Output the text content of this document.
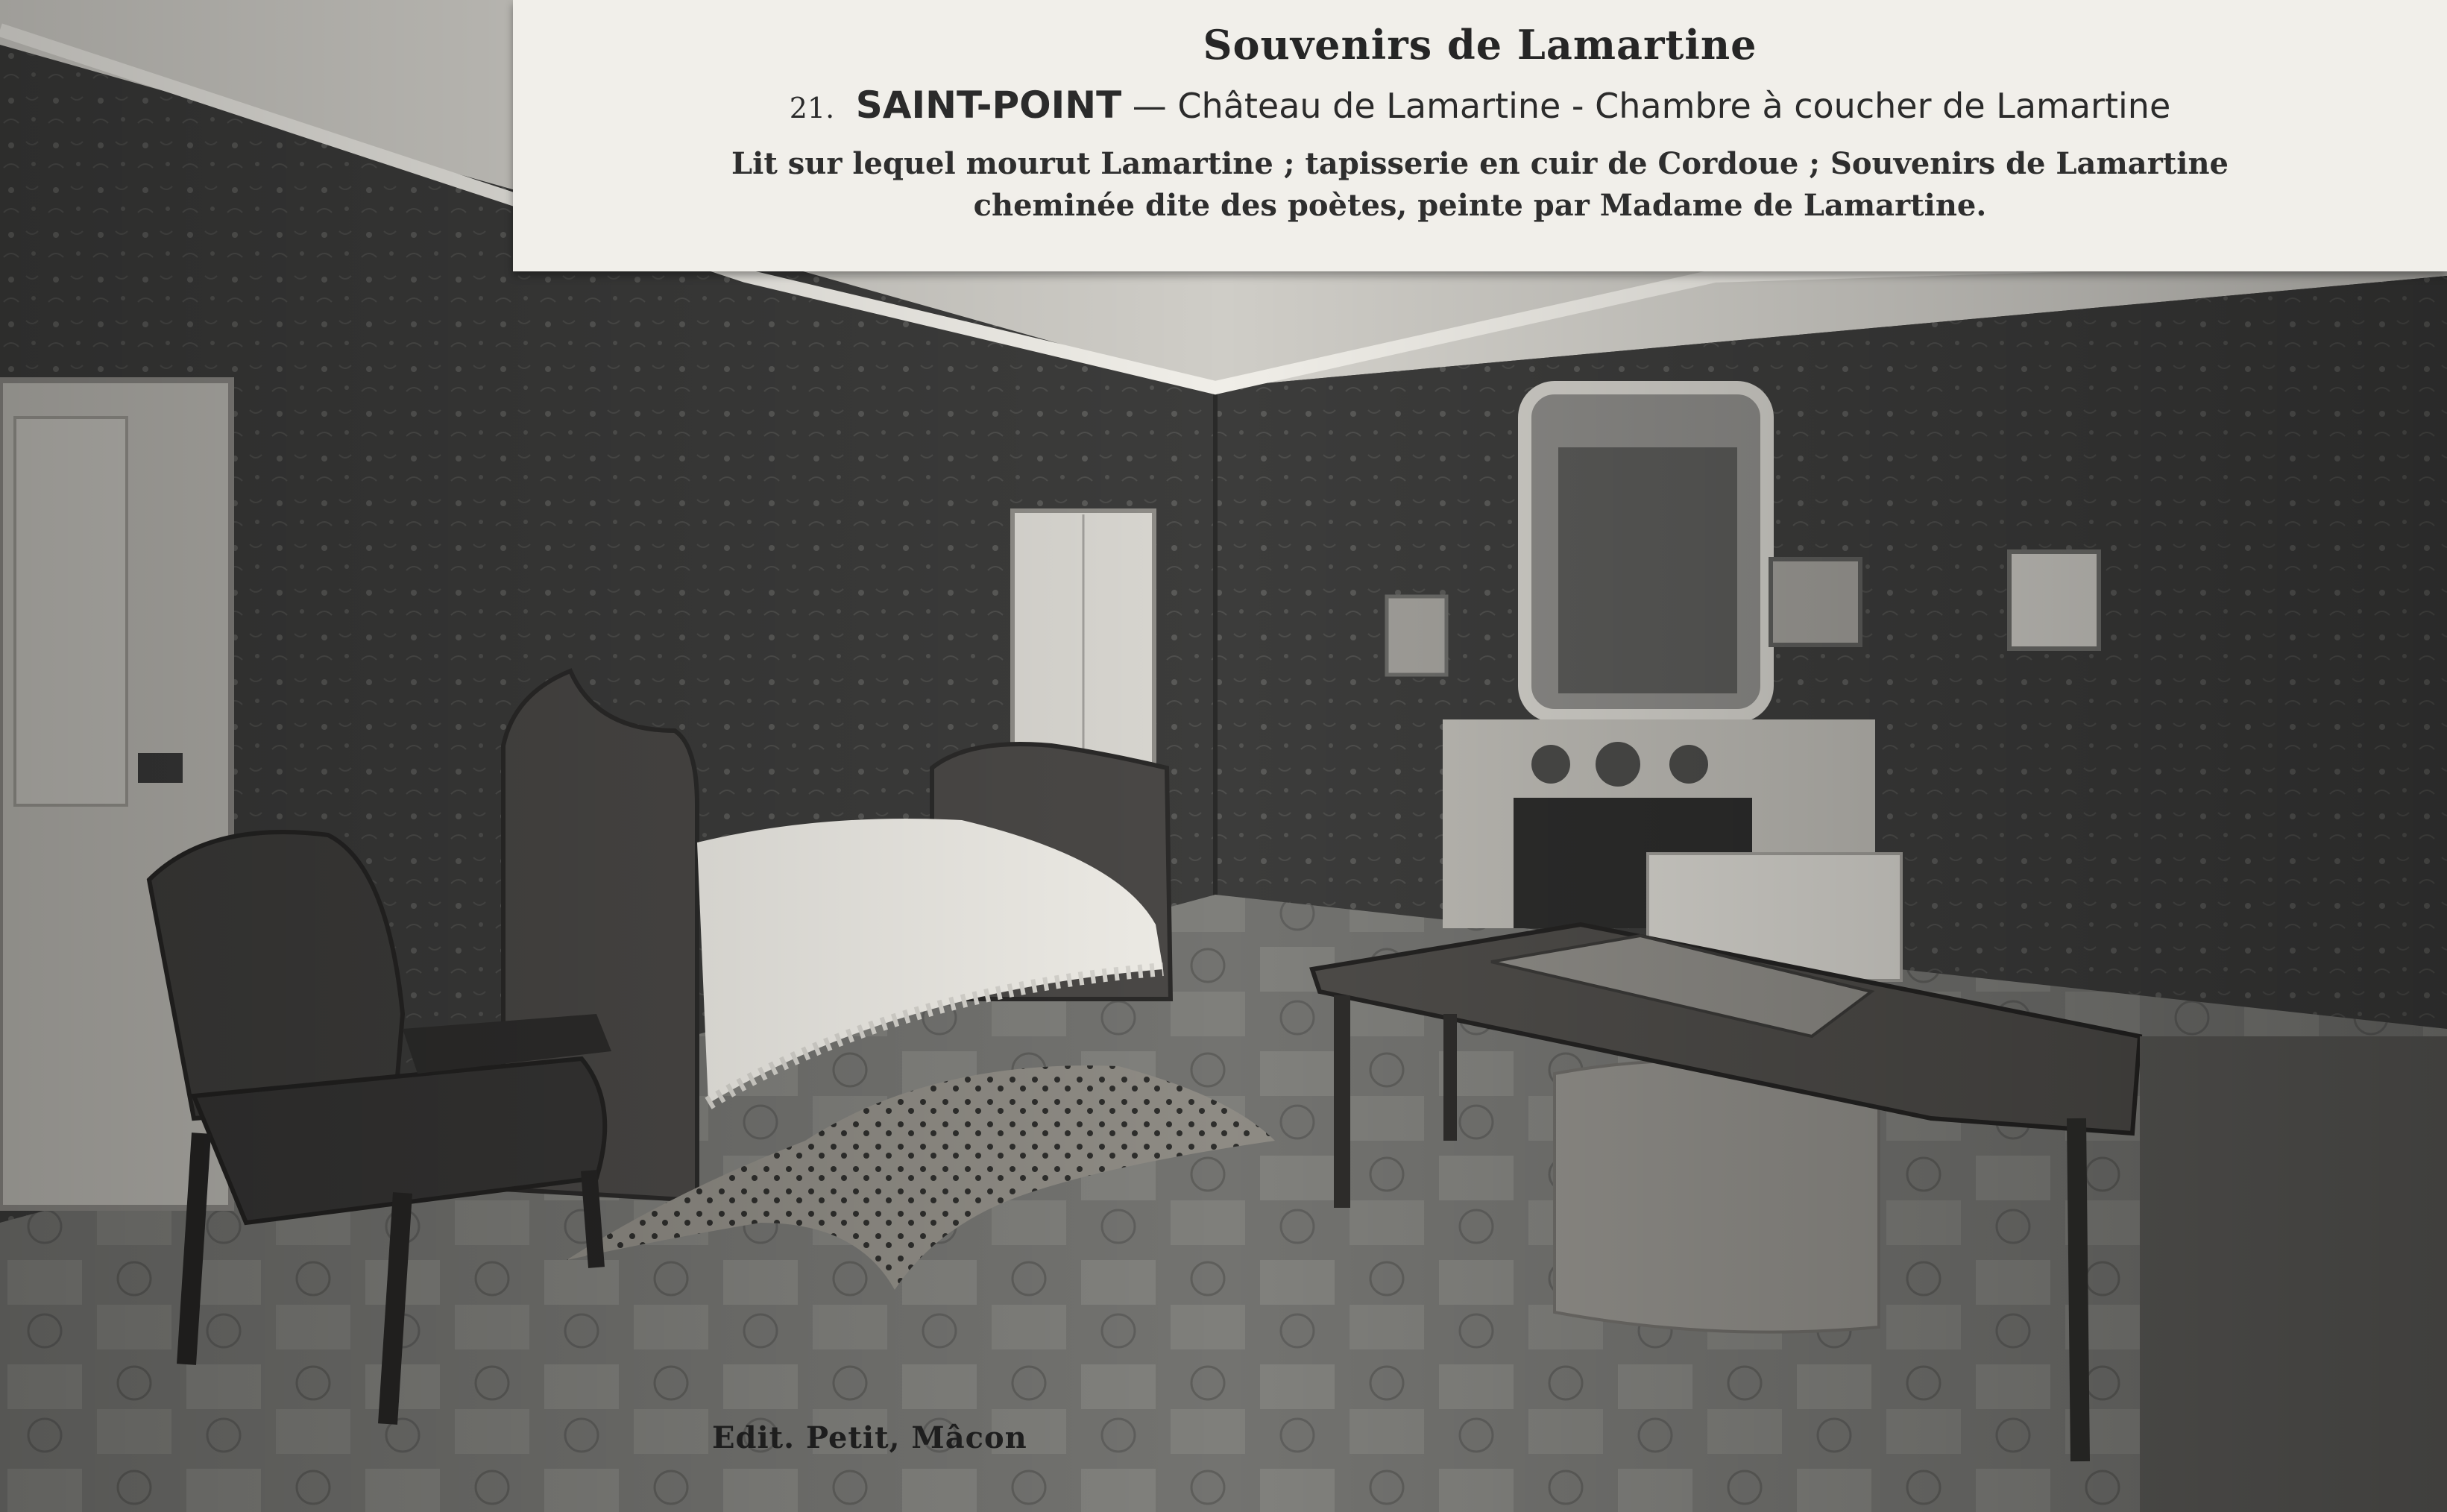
Souvenirs de Lamartine
21. SAINT-POINT — Château de Lamartine - Chambre à coucher de Lamartine
Lit sur lequel mourut Lamartine ; tapisserie en cuir de Cordoue ; Souvenirs de Lamartine
cheminée dite des poètes, peinte par Madame de Lamartine.
Edit. Petit, Mâcon
